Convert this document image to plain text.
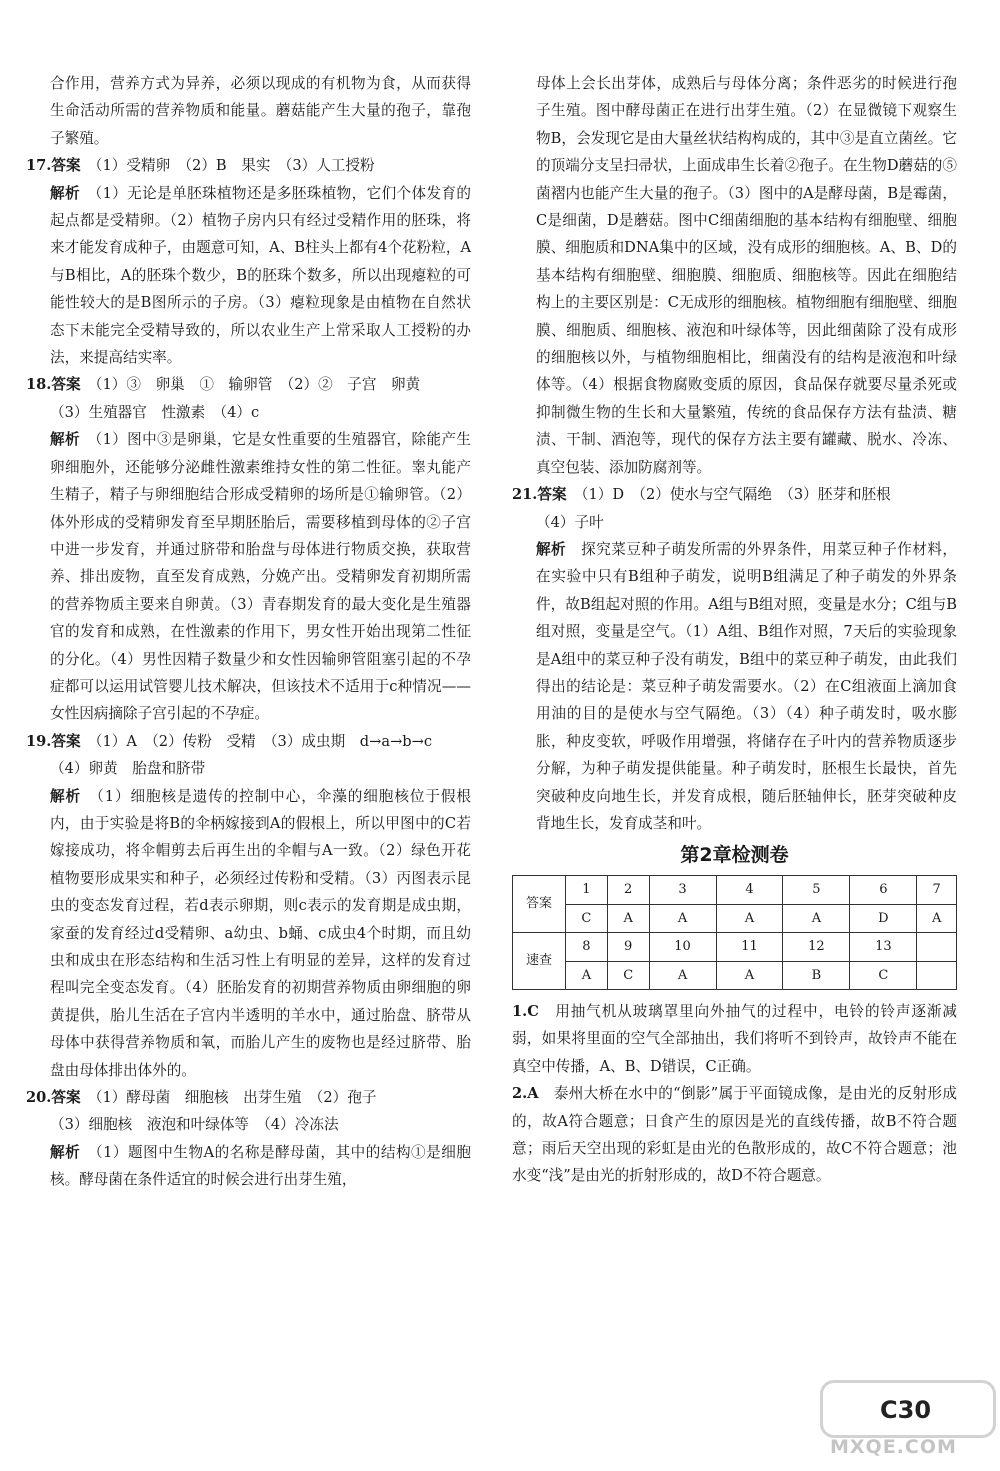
合作用，营养方式为异养，必须以现成的有机物为食，从而获得生命活动所需的营养物质和能量。蘑菇能产生大量的孢子，靠孢子繁殖。

17.答案　 （1）受精卵　（2）B　果实　（3）人工授粉

解析　 （1）无论是单胚珠植物还是多胚珠植物，它们个体发育的起点都是受精卵。（2）植物子房内只有经过受精作用的胚珠，将来才能发育成种子，由题意可知，A、B柱头上都有4个花粉粒，A与B相比，A的胚珠个数少，B的胚珠个数多，所以出现瘪粒的可能性较大的是B图所示的子房。（3）瘪粒现象是由植物在自然状态下未能完全受精导致的，所以农业生产上常采取人工授粉的办法，来提高结实率。

18.答案　 （1）③　卵巢　①　输卵管　（2）②　子宫　卵黄

（3）生殖器官　性激素　（4）c

解析　 （1）图中③是卵巢，它是女性重要的生殖器官，除能产生卵细胞外，还能够分泌雌性激素维持女性的第二性征。睾丸能产生精子，精子与卵细胞结合形成受精卵的场所是①输卵管。（2）体外形成的受精卵发育至早期胚胎后，需要移植到母体的②子宫中进一步发育，并通过脐带和胎盘与母体进行物质交换，获取营养、排出废物，直至发育成熟，分娩产出。受精卵发育初期所需的营养物质主要来自卵黄。（3）青春期发育的最大变化是生殖器官的发育和成熟，在性激素的作用下，男女性开始出现第二性征的分化。（4）男性因精子数量少和女性因输卵管阻塞引起的不孕症都可以运用试管婴儿技术解决，但该技术不适用于c种情况——女性因病摘除子宫引起的不孕症。

19.答案　 （1）A　（2）传粉　受精　（3）成虫期　d→a→b→c

（4）卵黄　胎盘和脐带

解析　 （1）细胞核是遗传的控制中心，伞藻的细胞核位于假根内，由于实验是将B的伞柄嫁接到A的假根上，所以甲图中的C若嫁接成功，将伞帽剪去后再生出的伞帽与A一致。（2）绿色开花植物要形成果实和种子，必须经过传粉和受精。（3）丙图表示昆虫的变态发育过程，若d表示卵期，则c表示的发育期是成虫期，家蚕的发育经过d受精卵、a幼虫、b蛹、c成虫4个时期，而且幼虫和成虫在形态结构和生活习性上有明显的差异，这样的发育过程叫完全变态发育。（4）胚胎发育的初期营养物质由卵细胞的卵黄提供，胎儿生活在子宫内半透明的羊水中，通过胎盘、脐带从母体中获得营养物质和氧，而胎儿产生的废物也是经过脐带、胎盘由母体排出体外的。

20.答案　 （1）酵母菌　细胞核　出芽生殖　（2）孢子

（3）细胞核　液泡和叶绿体等　（4）冷冻法

解析　 （1）题图中生物A的名称是酵母菌，其中的结构①是细胞核。酵母菌在条件适宜的时候会进行出芽生殖，

母体上会长出芽体，成熟后与母体分离；条件恶劣的时候进行孢子生殖。图中酵母菌正在进行出芽生殖。（2）在显微镜下观察生物B，会发现它是由大量丝状结构构成的，其中③是直立菌丝。它的顶端分支呈扫帚状，上面成串生长着②孢子。在生物D蘑菇的⑤菌褶内也能产生大量的孢子。（3）图中的A是酵母菌，B是霉菌，C是细菌，D是蘑菇。图中C细菌细胞的基本结构有细胞壁、细胞膜、细胞质和DNA集中的区域，没有成形的细胞核。A、B、D的基本结构有细胞壁、细胞膜、细胞质、细胞核等。因此在细胞结构上的主要区别是：C无成形的细胞核。植物细胞有细胞壁、细胞膜、细胞质、细胞核、液泡和叶绿体等，因此细菌除了没有成形的细胞核以外，与植物细胞相比，细菌没有的结构是液泡和叶绿体等。（4）根据食物腐败变质的原因，食品保存就要尽量杀死或抑制微生物的生长和大量繁殖，传统的食品保存方法有盐渍、糖渍、干制、酒泡等，现代的保存方法主要有罐藏、脱水、冷冻、真空包装、添加防腐剂等。

21.答案　 （1）D　（2）使水与空气隔绝　（3）胚芽和胚根

（4）子叶

解析　 探究菜豆种子萌发所需的外界条件，用菜豆种子作材料，在实验中只有B组种子萌发，说明B组满足了种子萌发的外界条件，故B组起对照的作用。A组与B组对照，变量是水分；C组与B组对照，变量是空气。（1）A组、B组作对照，7天后的实验现象是A组中的菜豆种子没有萌发，B组中的菜豆种子萌发，由此我们得出的结论是：菜豆种子萌发需要水。（2）在C组液面上滴加食用油的目的是使水与空气隔绝。（3）（4）种子萌发时，吸水膨胀，种皮变软，呼吸作用增强，将储存在子叶内的营养物质逐步分解，为种子萌发提供能量。种子萌发时，胚根生长最快，首先突破种皮向地生长，并发育成根，随后胚轴伸长，胚芽突破种皮背地生长，发育成茎和叶。

第2章检测卷
答案	1	2	3	4	5	6	7
	C	A	A	A	A	D	A
速查	8	9	10	11	12	13	
	A	C	A	A	B	C	

1.C　 用抽气机从玻璃罩里向外抽气的过程中，电铃的铃声逐渐减弱，如果将里面的空气全部抽出，我们将听不到铃声，故铃声不能在真空中传播，A、B、D错误，C正确。

2.A　 泰州大桥在水中的“倒影”属于平面镜成像，是由光的反射形成的，故A符合题意；日食产生的原因是光的直线传播，故B不符合题意；雨后天空出现的彩虹是由光的色散形成的，故C不符合题意；池水变“浅”是由光的折射形成的，故D不符合题意。

MXQE.COM
C30
